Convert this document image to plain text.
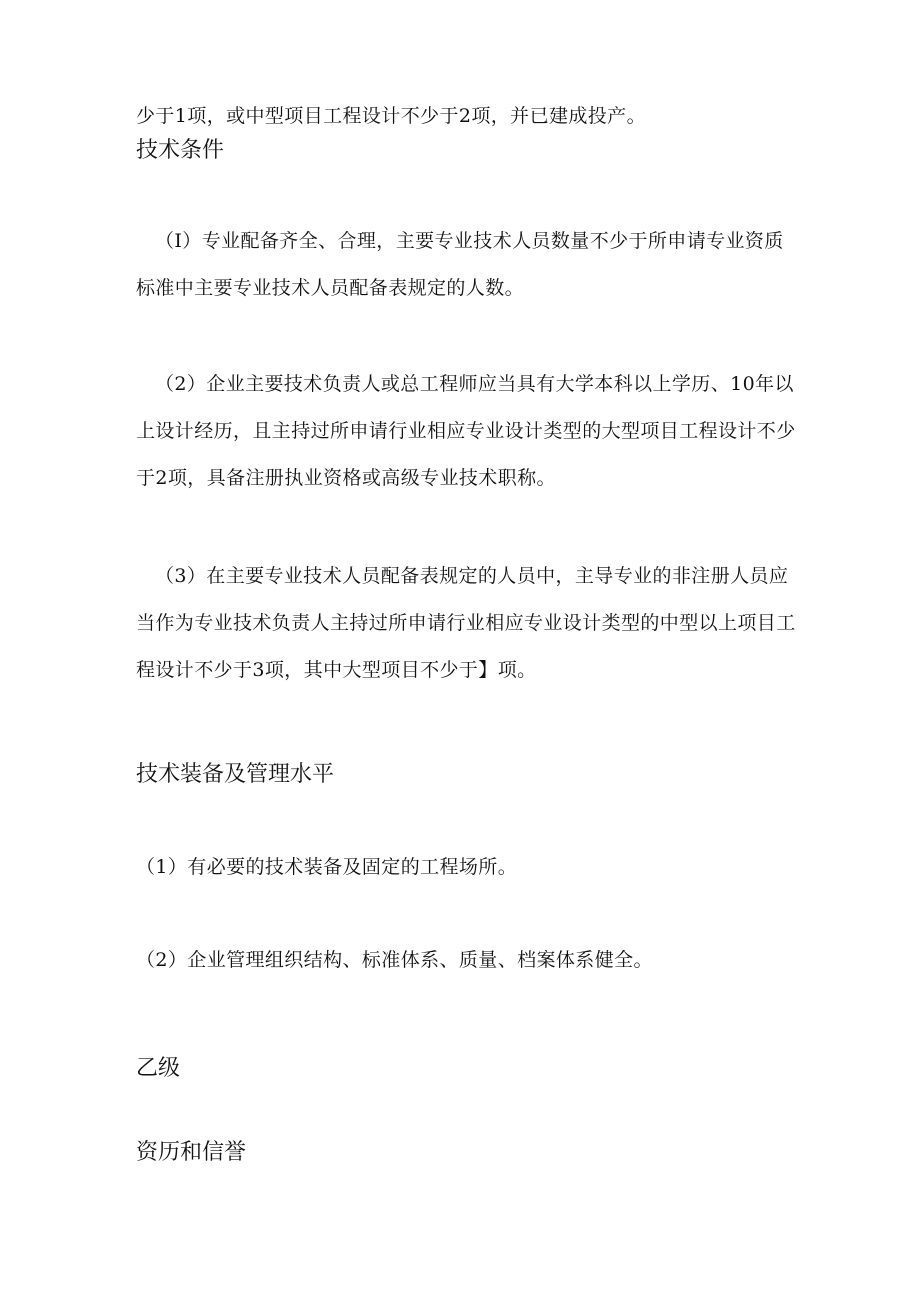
少于1项，或中型项目工程设计不少于2项，并已建成投产。

技术条件

（I）专业配备齐全、合理，主要专业技术人员数量不少于所申请专业资质标准中主要专业技术人员配备表规定的人数。

（2）企业主要技术负责人或总工程师应当具有大学本科以上学历、10年以上设计经历，且主持过所申请行业相应专业设计类型的大型项目工程设计不少于2项，具备注册执业资格或高级专业技术职称。

（3）在主要专业技术人员配备表规定的人员中，主导专业的非注册人员应当作为专业技术负责人主持过所申请行业相应专业设计类型的中型以上项目工程设计不少于3项，其中大型项目不少于】项。

技术装备及管理水平

（1）有必要的技术装备及固定的工程场所。

（2）企业管理组织结构、标准体系、质量、档案体系健全。

乙级
资历和信誉
